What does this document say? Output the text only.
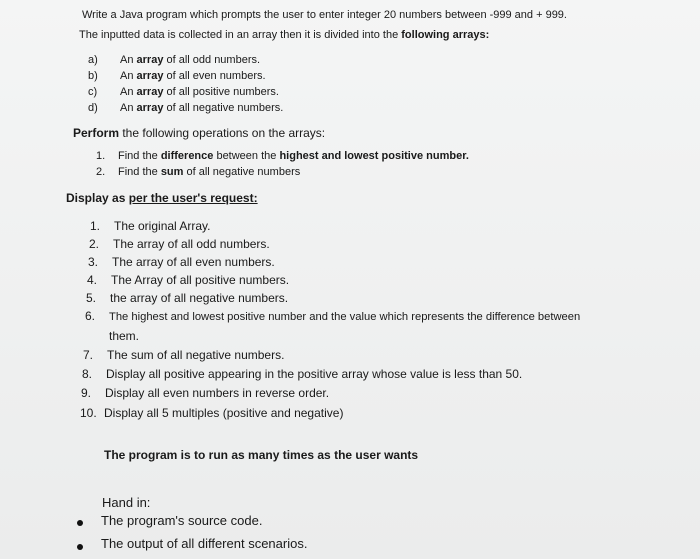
Write a Java program which prompts the user to enter integer 20 numbers between -999 and + 999.
The inputted data is collected in an array then it is divided into the following arrays:
a) An array of all odd numbers.
b) An array of all even numbers.
c) An array of all positive numbers.
d) An array of all negative numbers.
Perform the following operations on the arrays:
1. Find the difference between the highest and lowest positive number.
2. Find the sum of all negative numbers
Display as per the user's request:
1. The original Array.
2. The array of all odd numbers.
3. The array of all even numbers.
4. The Array of all positive numbers.
5. the array of all negative numbers.
6. The highest and lowest positive number and the value which represents the difference between
them.
7. The sum of all negative numbers.
8. Display all positive appearing in the positive array whose value is less than 50.
9. Display all even numbers in reverse order.
10. Display all 5 multiples (positive and negative)
The program is to run as many times as the user wants
Hand in:
The program's source code.
The output of all different scenarios.
